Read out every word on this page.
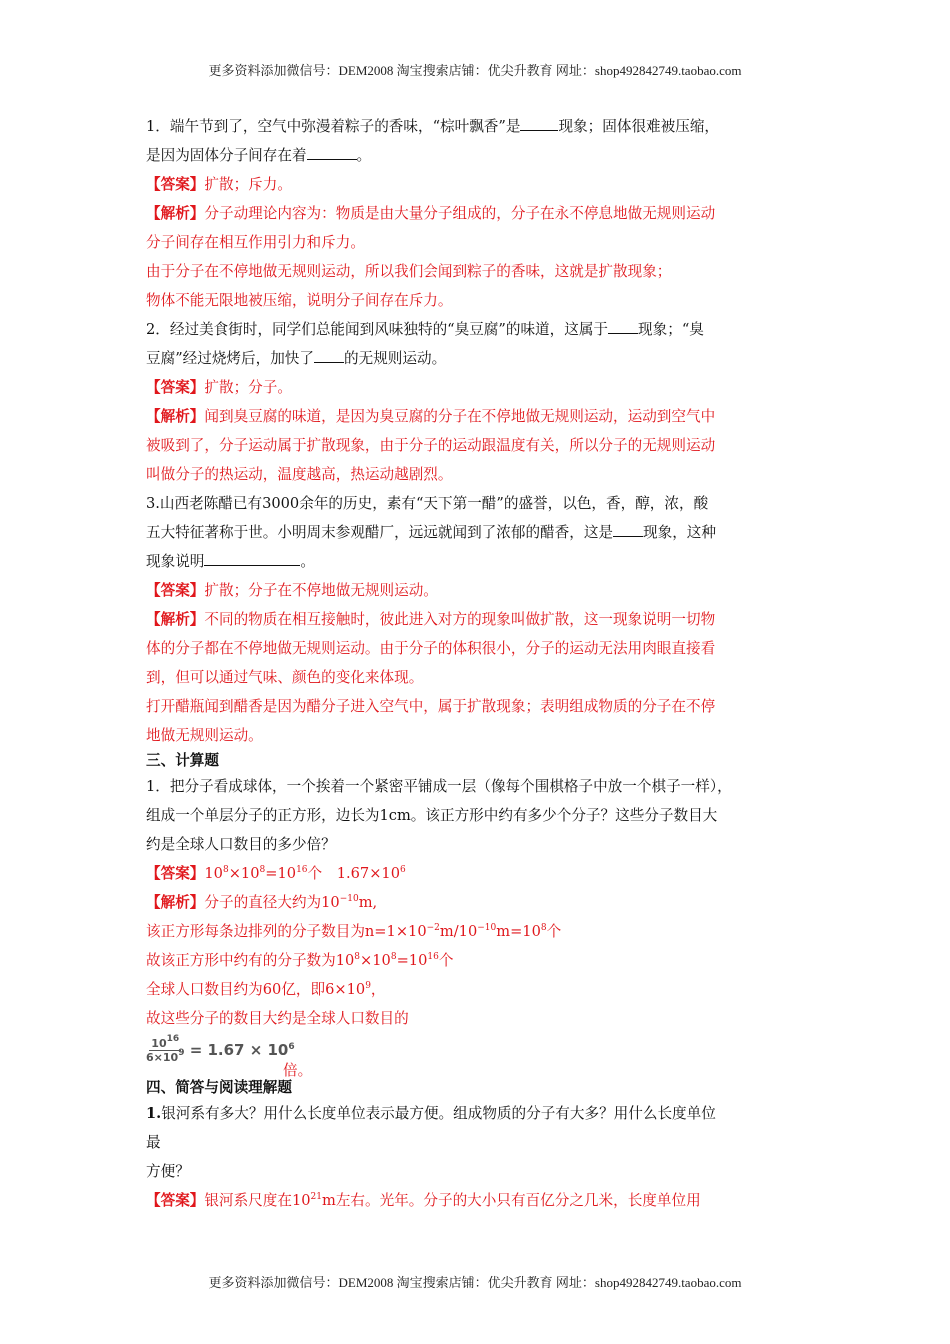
更多资料添加微信号：DEM2008 淘宝搜索店铺：优尖升教育 网址：shop492842749.taobao.com
1．端午节到了，空气中弥漫着粽子的香味，“棕叶飘香”是	现象；固体很难被压缩，
是因为固体分子间存在着	。
【答案】扩散；斥力。
【解析】分子动理论内容为：物质是由大量分子组成的，分子在永不停息地做无规则运动
分子间存在相互作用引力和斥力。
由于分子在不停地做无规则运动，所以我们会闻到粽子的香味，这就是扩散现象；
物体不能无限地被压缩，说明分子间存在斥力。
2．经过美食街时，同学们总能闻到风味独特的“臭豆腐”的味道，这属于 现象；“臭
豆腐”经过烧烤后，加快了 的无规则运动。
【答案】扩散；分子。
【解析】闻到臭豆腐的味道，是因为臭豆腐的分子在不停地做无规则运动，运动到空气中
被吸到了，分子运动属于扩散现象，由于分子的运动跟温度有关，所以分子的无规则运动
叫做分子的热运动，温度越高，热运动越剧烈。
3.山西老陈醋已有3000余年的历史，素有“天下第一醋”的盛誉，以色，香，醇，浓，酸
五大特征著称于世。小明周末参观醋厂，远远就闻到了浓郁的醋香，这是 现象，这种
现象说明	。
【答案】扩散；分子在不停地做无规则运动。
【解析】不同的物质在相互接触时，彼此进入对方的现象叫做扩散，这一现象说明一切物
体的分子都在不停地做无规则运动。由于分子的体积很小，分子的运动无法用肉眼直接看
到，但可以通过气味、颜色的变化来体现。
打开醋瓶闻到醋香是因为醋分子进入空气中，属于扩散现象；表明组成物质的分子在不停
地做无规则运动。
三、计算题
1．把分子看成球体，一个挨着一个紧密平铺成一层（像每个围棋格子中放一个棋子一样），
组成一个单层分子的正方形，边长为1cm。该正方形中约有多少个分子？这些分子数目大
约是全球人口数目的多少倍？
【答案】$10^8\times 10^8=10^{16}$个　$1.67\times 10^6$
【解析】分子的直径大约为$10^{-10}m$,
该正方形每条边排列的分子数目为$n=1\times 10^{-2}m/10^{-10}m=10^8$个
故该正方形中约有的分子数为$10^8\times 10^8=10^{16}$个
全球人口数目约为60亿，即$6\times 10^9$，
故这些分子的数目大约是全球人口数目的
$\frac{10^{16}}{6\times 10^9} = 1.67 \times 10^6$
倍。
四、简答与阅读理解题
1.银河系有多大？用什么长度单位表示最方便。组成物质的分子有大多？用什么长度单位
最
方便？
【答案】银河系尺度在$10^{21}m$左右。光年。分子的大小只有百亿分之几米，长度单位用
更多资料添加微信号：DEM2008 淘宝搜索店铺：优尖升教育 网址：shop492842749.taobao.com
